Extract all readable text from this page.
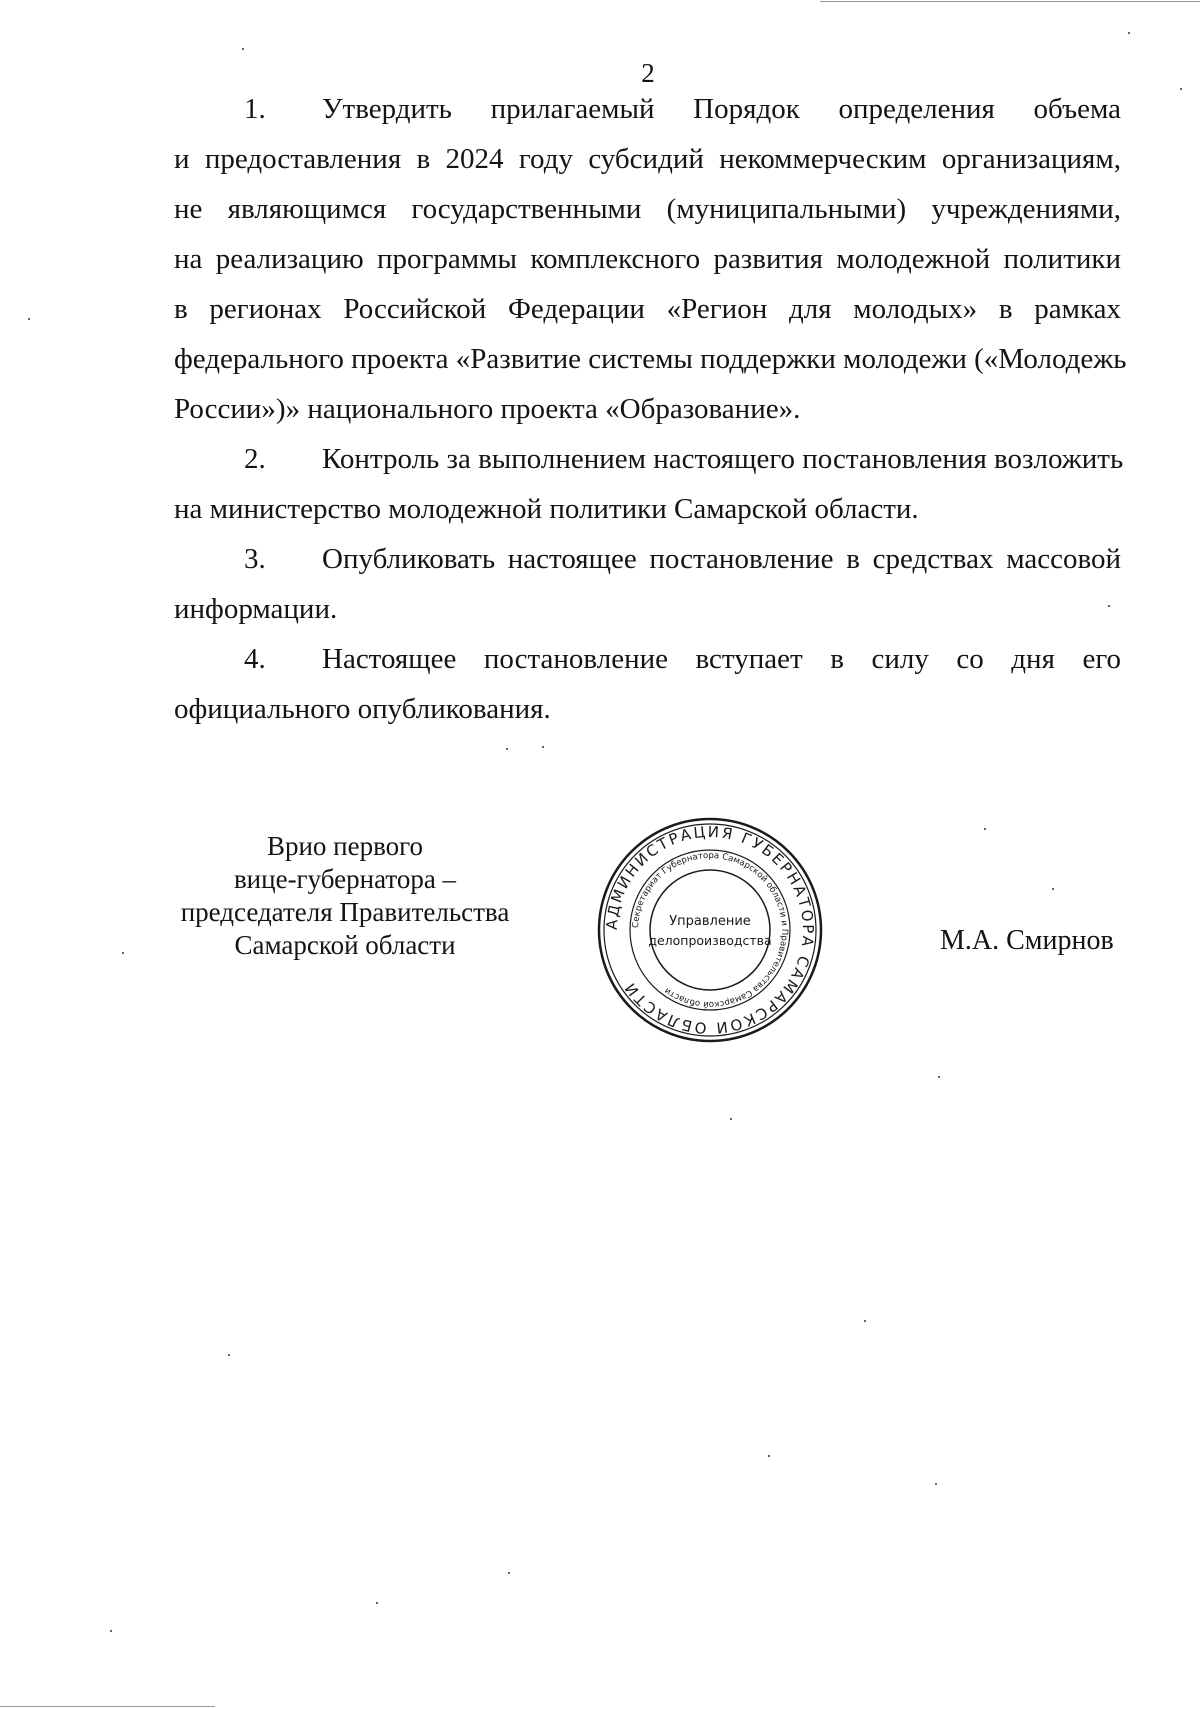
2
1. Утвердить прилагаемый Порядок определения объема
и предоставления в 2024 году субсидий некоммерческим организациям,
не являющимся государственными (муниципальными) учреждениями,
на реализацию программы комплексного развития молодежной политики
в регионах Российской Федерации «Регион для молодых» в рамках
федерального проекта «Развитие системы поддержки молодежи («Молодежь
России»)» национального проекта «Образование».
2. Контроль за выполнением настоящего постановления возложить
на министерство молодежной политики Самарской области.
3. Опубликовать настоящее постановление в средствах массовой
информации.
4. Настоящее постановление вступает в силу со дня его
официального опубликования.
Врио первого
вице-губернатора –
председателя Правительства
Самарской области	М.А. Смирнов
АДМИНИСТРАЦИЯ ГУБЕРНАТОРА САМАРСКОЙ ОБЛАСТИ
Секретариат Губернатора Самарской области и Правительства Самарской области
Управление
делопроизводства
